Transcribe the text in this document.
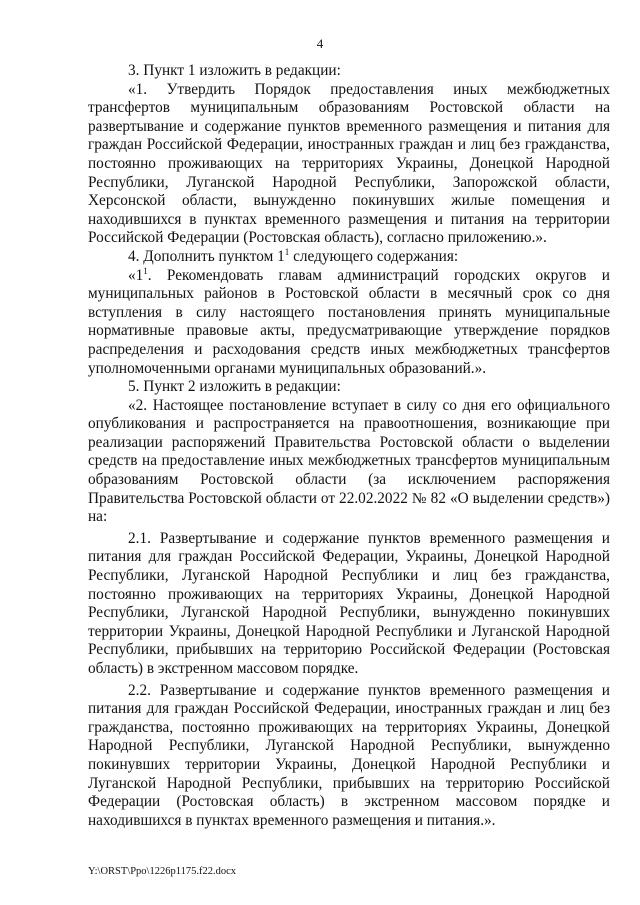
4

3. Пункт 1 изложить в редакции:

«1. Утвердить Порядок предоставления иных межбюджетных трансфертов муниципальным образованиям Ростовской области на развертывание и содержание пунктов временного размещения и питания для граждан Российской Федерации, иностранных граждан и лиц без гражданства, постоянно проживающих на территориях Украины, Донецкой Народной Республики, Луганской Народной Республики, Запорожской области, Херсонской области, вынужденно покинувших жилые помещения и находившихся в пунктах временного размещения и питания на территории Российской Федерации (Ростовская область), согласно приложению.».

4. Дополнить пунктом $1^1$ следующего содержания:

«$1^1$. Рекомендовать главам администраций городских округов и муниципальных районов в Ростовской области в месячный срок со дня вступления в силу настоящего постановления принять муниципальные нормативные правовые акты, предусматривающие утверждение порядков распределения и расходования средств иных межбюджетных трансфертов уполномоченными органами муниципальных образований.».

5. Пункт 2 изложить в редакции:

«2. Настоящее постановление вступает в силу со дня его официального опубликования и распространяется на правоотношения, возникающие при реализации распоряжений Правительства Ростовской области о выделении средств на предоставление иных межбюджетных трансфертов муниципальным образованиям Ростовской области (за исключением распоряжения Правительства Ростовской области от 22.02.2022 № 82 «О выделении средств») на:

2.1. Развертывание и содержание пунктов временного размещения и питания для граждан Российской Федерации, Украины, Донецкой Народной Республики, Луганской Народной Республики и лиц без гражданства, постоянно проживающих на территориях Украины, Донецкой Народной Республики, Луганской Народной Республики, вынужденно покинувших территории Украины, Донецкой Народной Республики и Луганской Народной Республики, прибывших на территорию Российской Федерации (Ростовская область) в экстренном массовом порядке.

2.2. Развертывание и содержание пунктов временного размещения и питания для граждан Российской Федерации, иностранных граждан и лиц без гражданства, постоянно проживающих на территориях Украины, Донецкой Народной Республики, Луганской Народной Республики, вынужденно покинувших территории Украины, Донецкой Народной Республики и Луганской Народной Республики, прибывших на территорию Российской Федерации (Ростовская область) в экстренном массовом порядке и находившихся в пунктах временного размещения и питания.».

Y:\ORST\Ppo\1226p1175.f22.docx
